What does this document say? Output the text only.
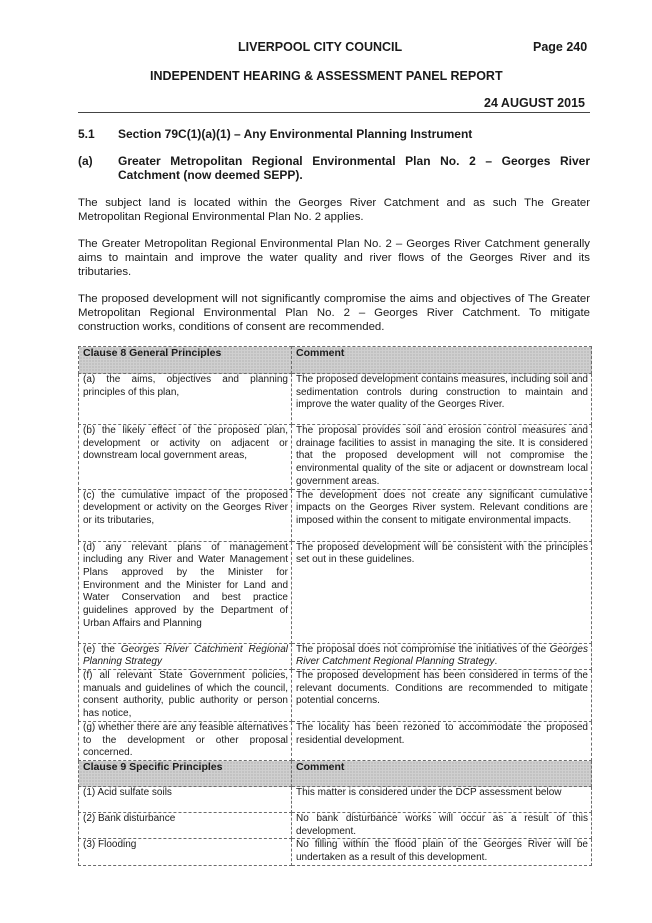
LIVERPOOL CITY COUNCIL	Page 240
INDEPENDENT HEARING & ASSESSMENT PANEL REPORT
24 AUGUST 2015
5.1 Section 79C(1)(a)(1) – Any Environmental Planning Instrument
(a) Greater Metropolitan Regional Environmental Plan No. 2 – Georges River Catchment (now deemed SEPP).
The subject land is located within the Georges River Catchment and as such The Greater Metropolitan Regional Environmental Plan No. 2 applies.
The Greater Metropolitan Regional Environmental Plan No. 2 – Georges River Catchment generally aims to maintain and improve the water quality and river flows of the Georges River and its tributaries.
The proposed development will not significantly compromise the aims and objectives of The Greater Metropolitan Regional Environmental Plan No. 2 – Georges River Catchment. To mitigate construction works, conditions of consent are recommended.
Clause 8 General Principles	Comment
(a) the aims, objectives and planning principles of this plan,	The proposed development contains measures, including soil and sedimentation controls during construction to maintain and improve the water quality of the Georges River.
(b) the likely effect of the proposed plan, development or activity on adjacent or downstream local government areas,	The proposal provides soil and erosion control measures and drainage facilities to assist in managing the site. It is considered that the proposed development will not compromise the environmental quality of the site or adjacent or downstream local government areas.
(c) the cumulative impact of the proposed development or activity on the Georges River or its tributaries,	The development does not create any significant cumulative impacts on the Georges River system. Relevant conditions are imposed within the consent to mitigate environmental impacts.
(d) any relevant plans of management including any River and Water Management Plans approved by the Minister for Environment and the Minister for Land and Water Conservation and best practice guidelines approved by the Department of Urban Affairs and Planning	The proposed development will be consistent with the principles set out in these guidelines.
(e) the Georges River Catchment Regional Planning Strategy	The proposal does not compromise the initiatives of the Georges River Catchment Regional Planning Strategy.
(f) all relevant State Government policies, manuals and guidelines of which the council, consent authority, public authority or person has notice,	The proposed development has been considered in terms of the relevant documents. Conditions are recommended to mitigate potential concerns.
(g) whether there are any feasible alternatives to the development or other proposal concerned.	The locality has been rezoned to accommodate the proposed residential development.
Clause 9 Specific Principles	Comment
(1) Acid sulfate soils	This matter is considered under the DCP assessment below
(2) Bank disturbance	No bank disturbance works will occur as a result of this development.
(3) Flooding	No filling within the flood plain of the Georges River will be undertaken as a result of this development.
